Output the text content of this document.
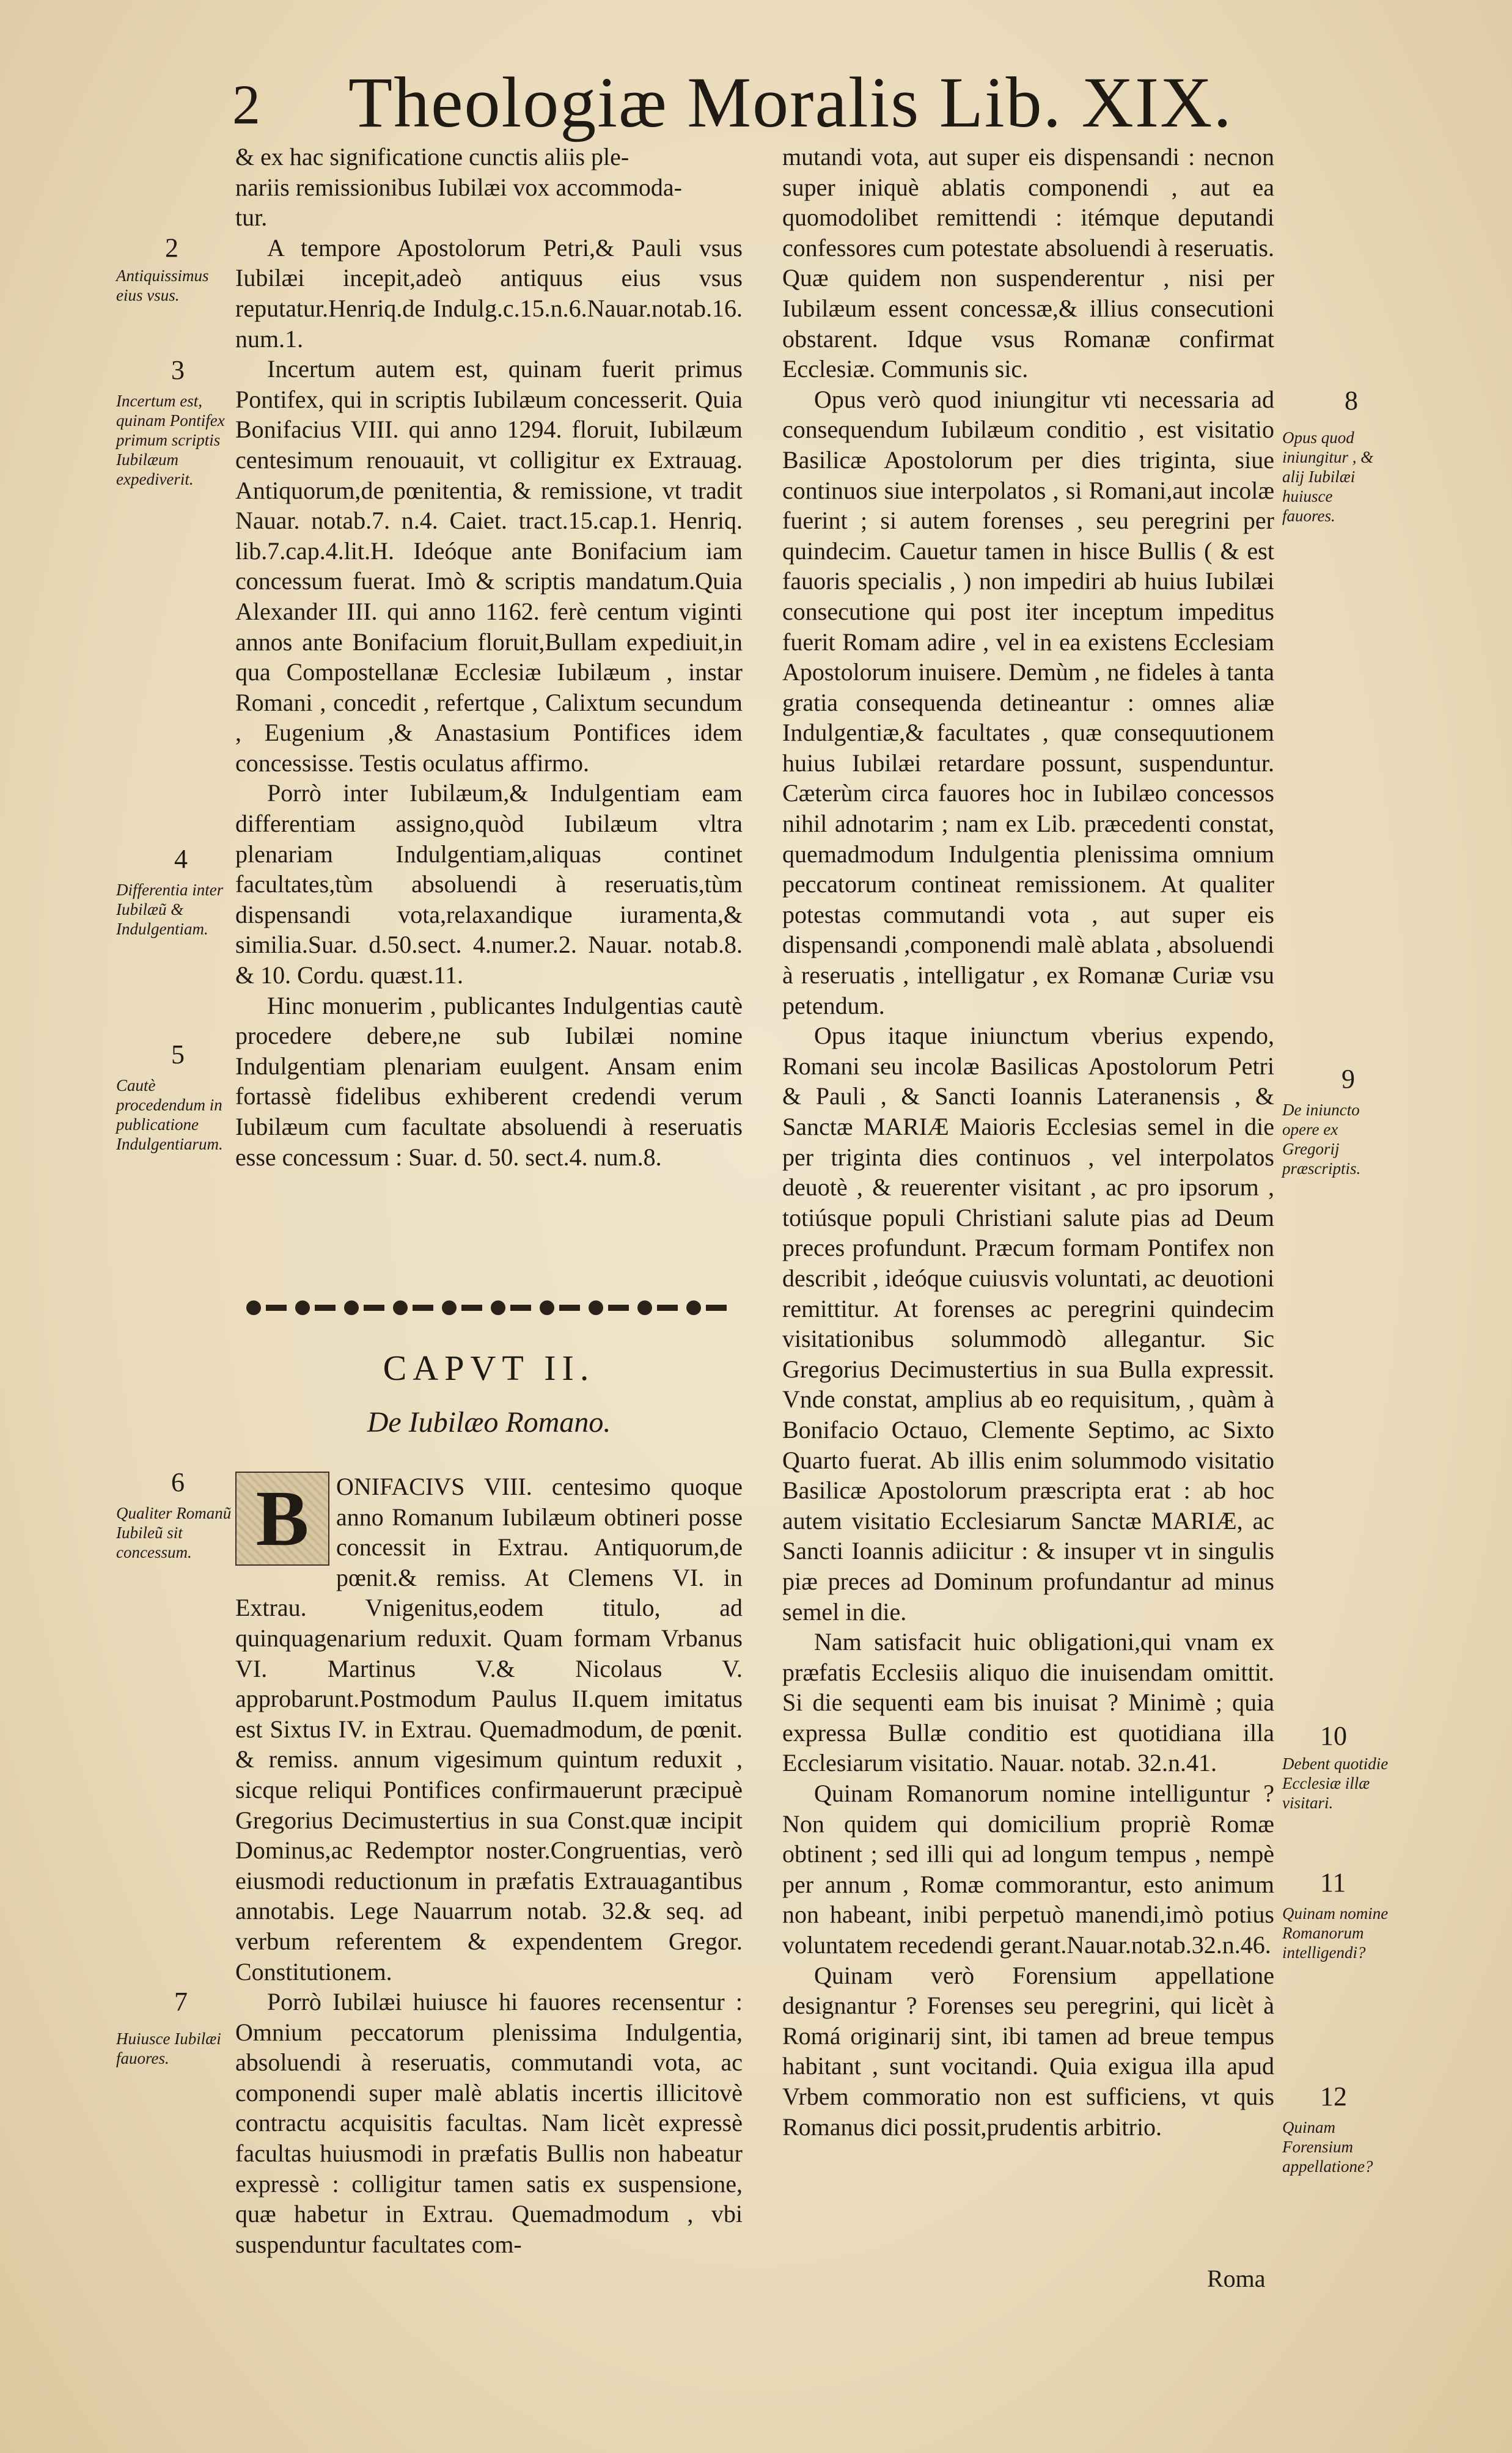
2 Theologiæ Moralis Lib. XIX.

& ex hac significatione cunctis aliis ple-
nariis remissionibus Iubilæi vox accommoda-
tur.

A tempore Apostolorum Petri,& Pauli vsus Iubilæi incepit,adeò antiquus eius vsus reputatur.Henriq.de Indulg.c.15.n.6.Nauar.notab.16. num.1.

Incertum autem est, quinam fuerit primus Pontifex, qui in scriptis Iubilæum concesserit. Quia Bonifacius VIII. qui anno 1294. floruit, Iubilæum centesimum renouauit, vt colligitur ex Extrauag. Antiquorum,de pœnitentia, & remissione, vt tradit Nauar. notab.7. n.4. Caiet. tract.15.cap.1. Henriq. lib.7.cap.4.lit.H. Ideóque ante Bonifacium iam concessum fuerat. Imò & scriptis mandatum.Quia Alexander III. qui anno 1162. ferè centum viginti annos ante Bonifacium floruit,Bullam expediuit,in qua Compostellanæ Ecclesiæ Iubilæum , instar Romani , concedit , refertque , Calixtum secundum , Eugenium ,& Anastasium Pontifices idem concessisse. Testis oculatus affirmo.

Porrò inter Iubilæum,& Indulgentiam eam differentiam assigno,quòd Iubilæum vltra plenariam Indulgentiam,aliquas continet facultates,tùm absoluendi à reseruatis,tùm dispensandi vota,relaxandique iuramenta,& similia.Suar. d.50.sect. 4.numer.2. Nauar. notab.8. & 10. Cordu. quæst.11.

Hinc monuerim , publicantes Indulgentias cautè procedere debere,ne sub Iubilæi nomine Indulgentiam plenariam euulgent. Ansam enim fortassè fidelibus exhiberent credendi verum Iubilæum cum facultate absoluendi à reseruatis esse concessum : Suar. d. 50. sect.4. num.8.

CAPVT II.
De Iubilæo Romano.
B	ONIFACIVS VIII. centesimo quoque anno Romanum Iubilæum obtineri posse concessit in Extrau. Antiquorum,de pœnit.& remiss. At Clemens VI. in Extrau. Vnigenitus,eodem titulo, ad quinquagenarium reduxit. Quam formam Vrbanus VI. Martinus V.& Nicolaus V. approbarunt.Postmodum Paulus II.quem imitatus est Sixtus IV. in Extrau. Quemadmodum, de pœnit. & remiss. annum vigesimum quintum reduxit , sicque reliqui Pontifices confirmauerunt præcipuè Gregorius Decimustertius in sua Const.quæ incipit Dominus,ac Redemptor noster.Congruentias, verò eiusmodi reductionum in præfatis Extrauagantibus annotabis. Lege Nauarrum notab. 32.& seq. ad verbum referentem & expendentem Gregor. Constitutionem.

Porrò Iubilæi huiusce hi fauores recensentur : Omnium peccatorum plenissima Indulgentia, absoluendi à reseruatis, commutandi vota, ac componendi super malè ablatis incertis illicitovè contractu acquisitis facultas. Nam licèt expressè facultas huiusmodi in præfatis Bullis non habeatur expressè : colligitur tamen satis ex suspensione, quæ habetur in Extrau. Quemadmodum , vbi suspenduntur facultates com-

mutandi vota, aut super eis dispensandi : necnon super iniquè ablatis componendi , aut ea quomodolibet remittendi : itémque deputandi confessores cum potestate absoluendi à reseruatis. Quæ quidem non suspenderentur , nisi per Iubilæum essent concessæ,& illius consecutioni obstarent. Idque vsus Romanæ confirmat Ecclesiæ. Communis sic.

Opus verò quod iniungitur vti necessaria ad consequendum Iubilæum conditio , est visitatio Basilicæ Apostolorum per dies triginta, siue continuos siue interpolatos , si Romani,aut incolæ fuerint ; si autem forenses , seu peregrini per quindecim. Cauetur tamen in hisce Bullis ( & est fauoris specialis , ) non impediri ab huius Iubilæi consecutione qui post iter inceptum impeditus fuerit Romam adire , vel in ea existens Ecclesiam Apostolorum inuisere. Demùm , ne fideles à tanta gratia consequenda detineantur : omnes aliæ Indulgentiæ,& facultates , quæ consequutionem huius Iubilæi retardare possunt, suspenduntur. Cæterùm circa fauores hoc in Iubilæo concessos nihil adnotarim ; nam ex Lib. præcedenti constat, quemadmodum Indulgentia plenissima omnium peccatorum contineat remissionem. At qualiter potestas commutandi vota , aut super eis dispensandi ,componendi malè ablata , absoluendi à reseruatis , intelligatur , ex Romanæ Curiæ vsu petendum.

Opus itaque iniunctum vberius expendo, Romani seu incolæ Basilicas Apostolorum Petri & Pauli , & Sancti Ioannis Lateranensis , & Sanctæ MARIÆ Maioris Ecclesias semel in die per triginta dies continuos , vel interpolatos deuotè , & reuerenter visitant , ac pro ipsorum , totiúsque populi Christiani salute pias ad Deum preces profundunt. Præcum formam Pontifex non describit , ideóque cuiusvis voluntati, ac deuotioni remittitur. At forenses ac peregrini quindecim visitationibus solummodò allegantur. Sic Gregorius Decimustertius in sua Bulla expressit. Vnde constat, amplius ab eo requisitum, , quàm à Bonifacio Octauo, Clemente Septimo, ac Sixto Quarto fuerat. Ab illis enim solummodo visitatio Basilicæ Apostolorum præscripta erat : ab hoc autem visitatio Ecclesiarum Sanctæ MARIÆ, ac Sancti Ioannis adiicitur : & insuper vt in singulis piæ preces ad Dominum profundantur ad minus semel in die.

Nam satisfacit huic obligationi,qui vnam ex præfatis Ecclesiis aliquo die inuisendam omittit. Si die sequenti eam bis inuisat ? Minimè ; quia expressa Bullæ conditio est quotidiana illa Ecclesiarum visitatio. Nauar. notab. 32.n.41.

Quinam Romanorum nomine intelliguntur ? Non quidem qui domicilium propriè Romæ obtinent ; sed illi qui ad longum tempus , nempè per annum , Romæ commorantur, esto animum non habeant, inibi perpetuò manendi,imò potius voluntatem recedendi gerant.Nauar.notab.32.n.46.

Quinam verò Forensium appellatione designantur ? Forenses seu peregrini, qui licèt à Romá originarij sint, ibi tamen ad breue tempus habitant , sunt vocitandi. Quia exigua illa apud Vrbem commoratio non est sufficiens, vt quis Romanus dici possit,prudentis arbitrio.

Roma
2
Antiquissimus eius vsus.
3
Incertum est, quinam Pontifex primum scriptis Iubilæum expediverit.
4
Differentia inter Iubilæũ & Indulgentiam.
5
Cautè procedendum in publicatione Indulgentiarum.
6
Qualiter Romanũ Iubileũ sit concessum.
7
Huiusce Iubilæi fauores.
8
Opus quod iniungitur , & alij Iubilæi huiusce fauores.
9
De iniuncto opere ex Gregorij præscriptis.
10
Debent quotidie Ecclesiæ illæ visitari.
11
Quinam nomine Romanorum intelligendi?
12
Quinam Forensium appellatione?
